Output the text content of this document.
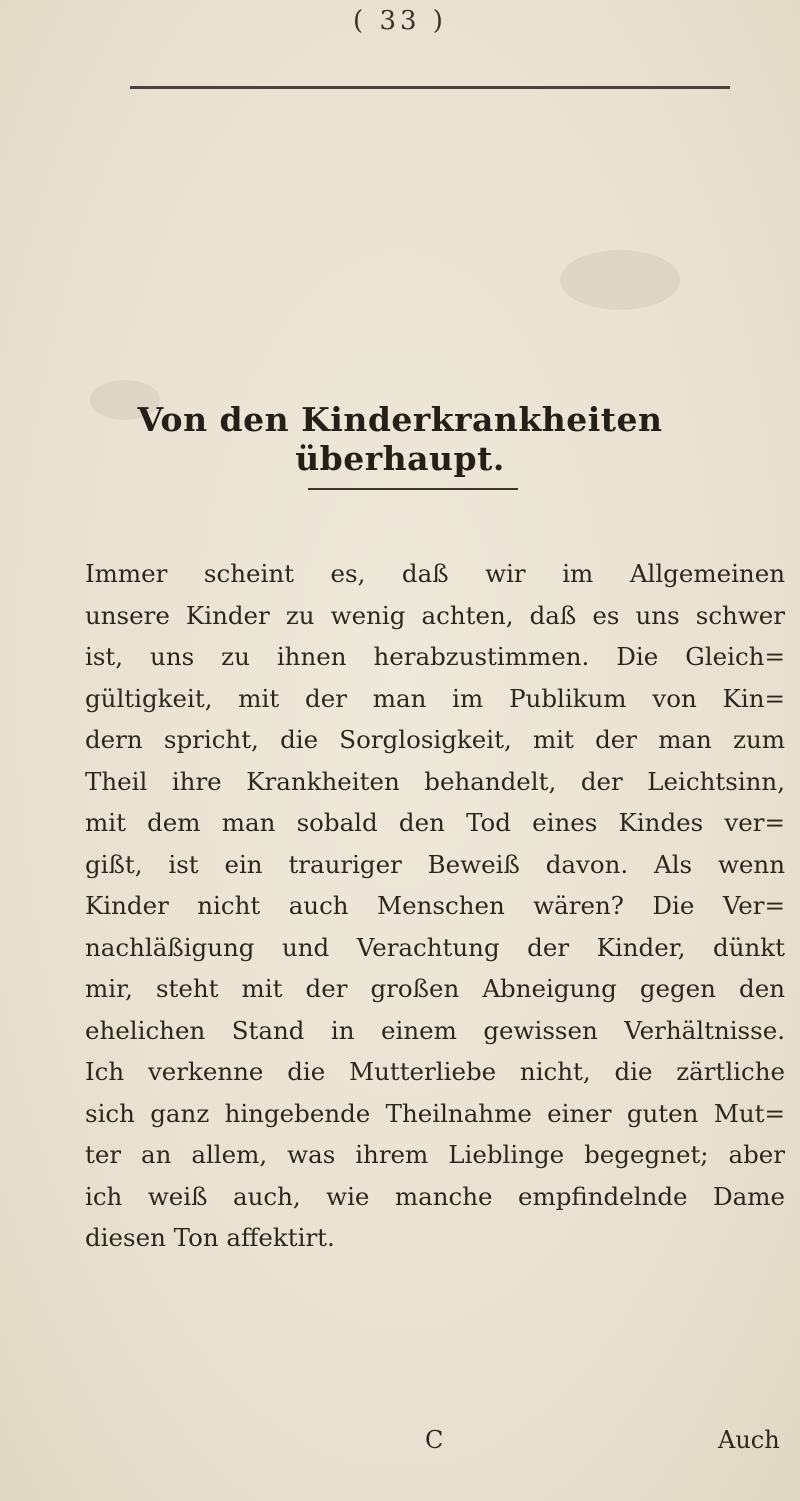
( 33 )
Von den Kinderkrankheiten überhaupt.
Immer scheint es, daß wir im Allgemeinen
unsere Kinder zu wenig achten, daß es uns schwer
ist, uns zu ihnen herabzustimmen. Die Gleich=
gültigkeit, mit der man im Publikum von Kin=
dern spricht, die Sorglosigkeit, mit der man zum
Theil ihre Krankheiten behandelt, der Leichtsinn,
mit dem man sobald den Tod eines Kindes ver=
gißt, ist ein trauriger Beweiß davon. Als wenn
Kinder nicht auch Menschen wären? Die Ver=
nachläßigung und Verachtung der Kinder, dünkt
mir, steht mit der großen Abneigung gegen den
ehelichen Stand in einem gewissen Verhältnisse.
Ich verkenne die Mutterliebe nicht, die zärtliche
sich ganz hingebende Theilnahme einer guten Mut=
ter an allem, was ihrem Lieblinge begegnet; aber
ich weiß auch, wie manche empfindelnde Dame
diesen Ton affektirt.
C	Auch
